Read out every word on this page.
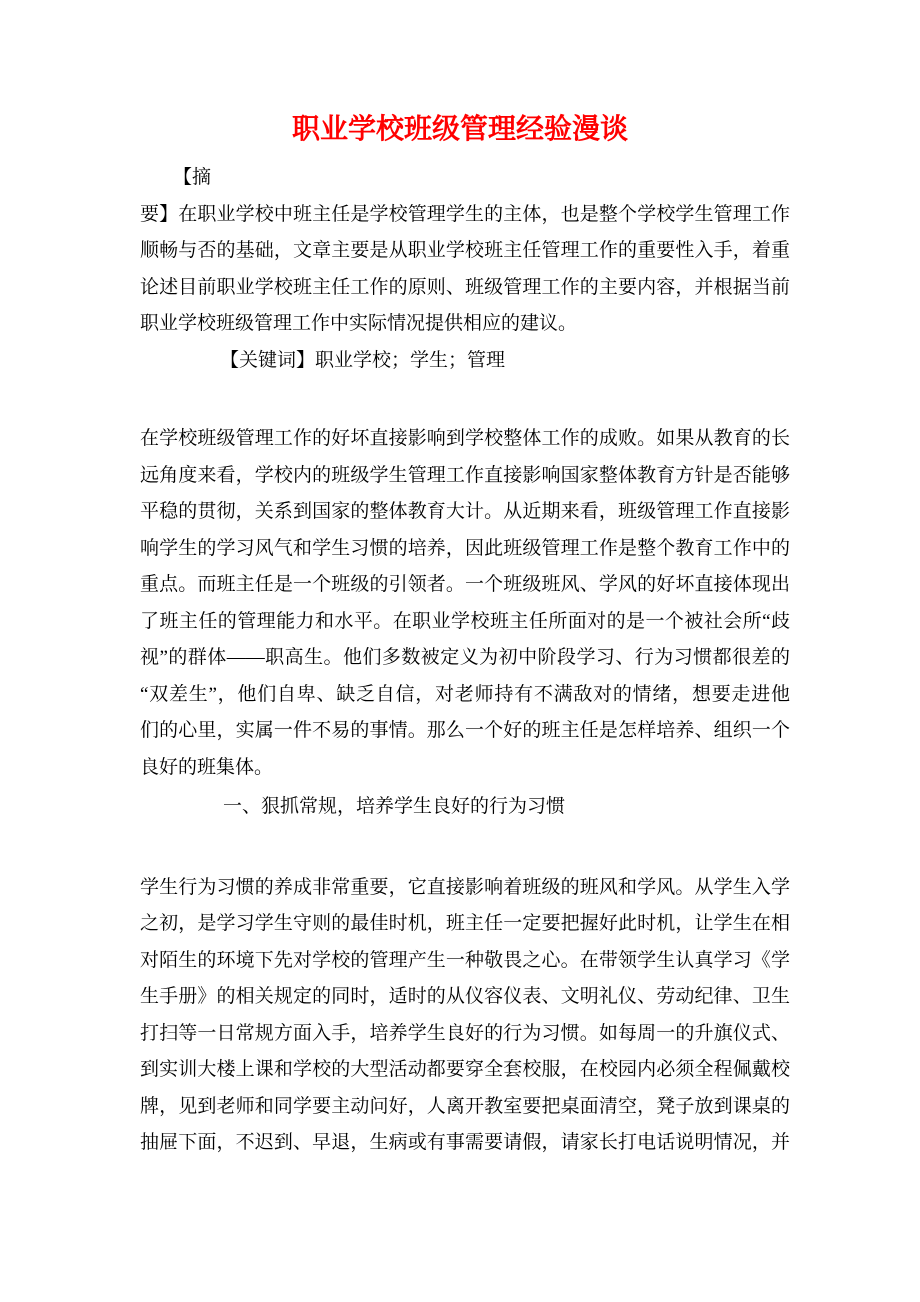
职业学校班级管理经验漫谈
【摘
要】在职业学校中班主任是学校管理学生的主体，也是整个学校学生管理工作
顺畅与否的基础，文章主要是从职业学校班主任管理工作的重要性入手，着重
论述目前职业学校班主任工作的原则、班级管理工作的主要内容，并根据当前
职业学校班级管理工作中实际情况提供相应的建议。
【关键词】职业学校；学生；管理
在学校班级管理工作的好坏直接影响到学校整体工作的成败。如果从教育的长
远角度来看，学校内的班级学生管理工作直接影响国家整体教育方针是否能够
平稳的贯彻，关系到国家的整体教育大计。从近期来看，班级管理工作直接影
响学生的学习风气和学生习惯的培养，因此班级管理工作是整个教育工作中的
重点。而班主任是一个班级的引领者。一个班级班风、学风的好坏直接体现出
了班主任的管理能力和水平。在职业学校班主任所面对的是一个被社会所“歧
视”的群体——职高生。他们多数被定义为初中阶段学习、行为习惯都很差的
“双差生”，他们自卑、缺乏自信，对老师持有不满敌对的情绪，想要走进他
们的心里，实属一件不易的事情。那么一个好的班主任是怎样培养、组织一个
良好的班集体。
一、狠抓常规，培养学生良好的行为习惯
学生行为习惯的养成非常重要，它直接影响着班级的班风和学风。从学生入学
之初，是学习学生守则的最佳时机，班主任一定要把握好此时机，让学生在相
对陌生的环境下先对学校的管理产生一种敬畏之心。在带领学生认真学习《学
生手册》的相关规定的同时，适时的从仪容仪表、文明礼仪、劳动纪律、卫生
打扫等一日常规方面入手，培养学生良好的行为习惯。如每周一的升旗仪式、
到实训大楼上课和学校的大型活动都要穿全套校服，在校园内必须全程佩戴校
牌，见到老师和同学要主动问好，人离开教室要把桌面清空，凳子放到课桌的
抽屉下面，不迟到、早退，生病或有事需要请假，请家长打电话说明情况，并
